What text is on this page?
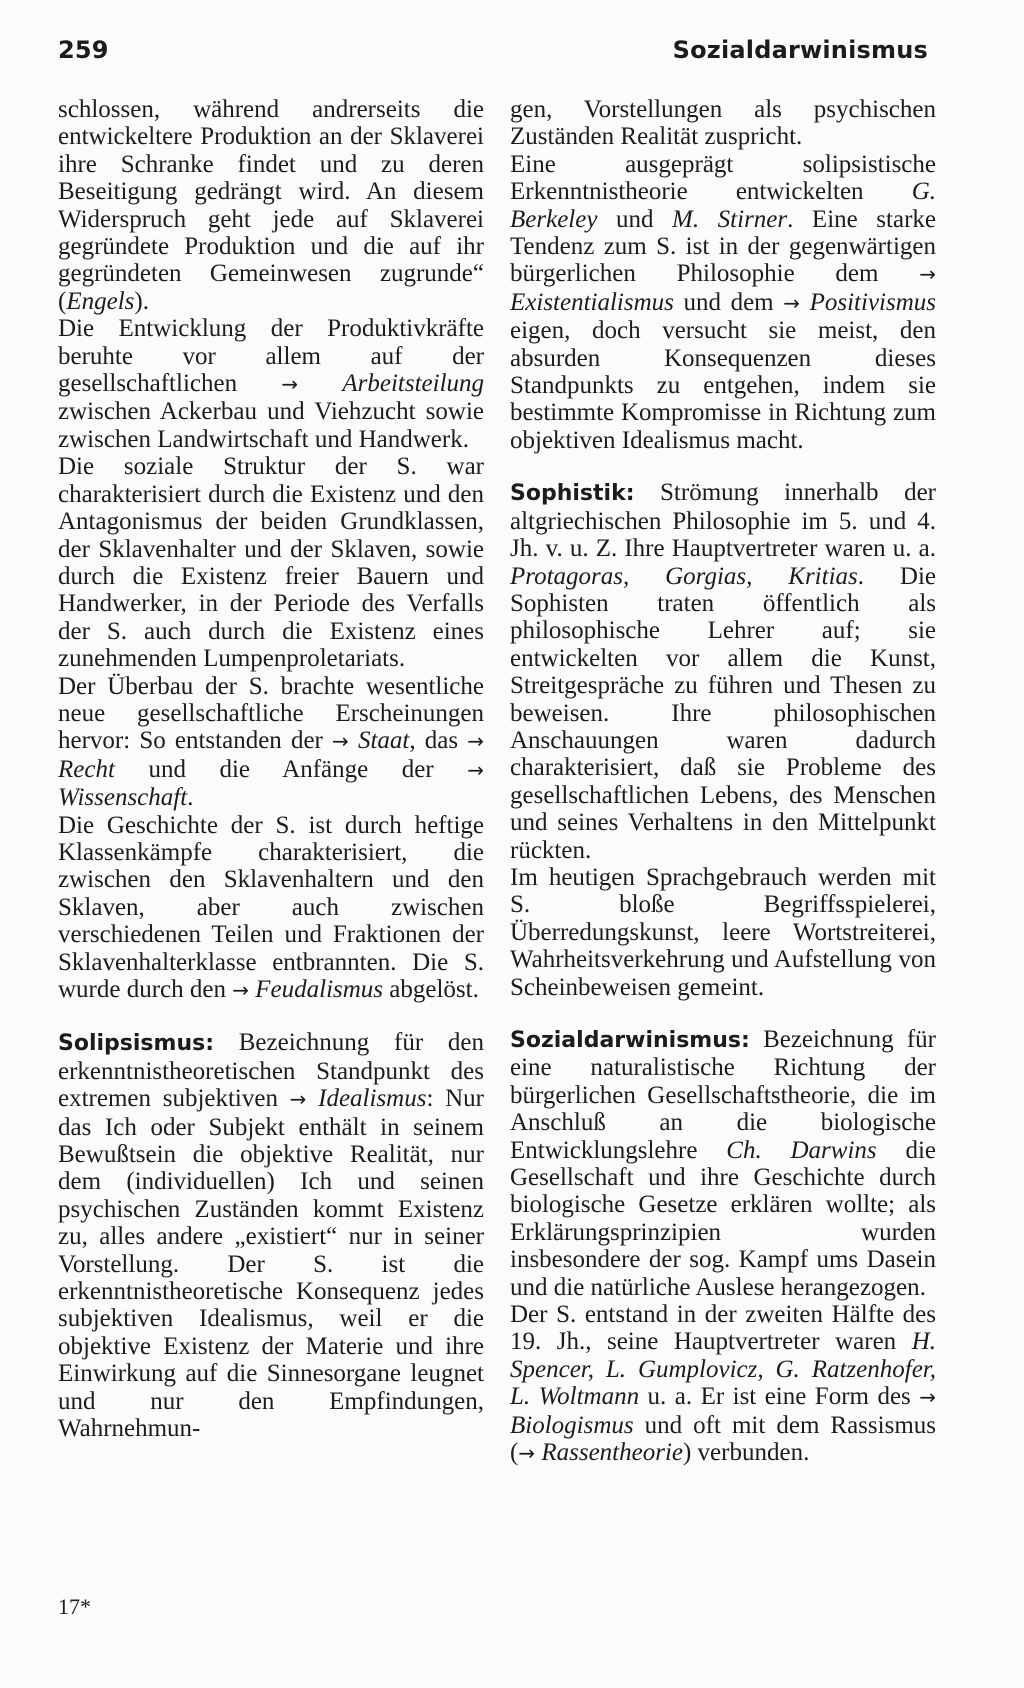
259	Sozialdarwinismus

schlossen, während andrerseits die entwickeltere Produktion an der Sklaverei ihre Schranke findet und zu deren Beseitigung gedrängt wird. An diesem Widerspruch geht jede auf Sklaverei gegründete Produktion und die auf ihr gegründeten Gemeinwesen zugrunde“ (Engels).

Die Entwicklung der Produktivkräfte beruhte vor allem auf der gesellschaftlichen → Arbeitsteilung zwischen Ackerbau und Viehzucht sowie zwischen Landwirtschaft und Handwerk.

Die soziale Struktur der S. war charakterisiert durch die Existenz und den Antagonismus der beiden Grundklassen, der Sklavenhalter und der Sklaven, sowie durch die Existenz freier Bauern und Handwerker, in der Periode des Verfalls der S. auch durch die Existenz eines zunehmenden Lumpenproletariats.

Der Überbau der S. brachte wesentliche neue gesellschaftliche Erscheinungen hervor: So entstanden der → Staat, das → Recht und die Anfänge der → Wissenschaft.

Die Geschichte der S. ist durch heftige Klassenkämpfe charakterisiert, die zwischen den Sklavenhaltern und den Sklaven, aber auch zwischen verschiedenen Teilen und Fraktionen der Sklavenhalterklasse entbrannten. Die S. wurde durch den → Feudalismus abgelöst.

Solipsismus: Bezeichnung für den erkenntnistheoretischen Standpunkt des extremen subjektiven → Idealismus: Nur das Ich oder Subjekt enthält in seinem Bewußtsein die objektive Realität, nur dem (individuellen) Ich und seinen psychischen Zuständen kommt Existenz zu, alles andere „existiert“ nur in seiner Vorstellung. Der S. ist die erkenntnistheoretische Konsequenz jedes subjektiven Idealismus, weil er die objektive Existenz der Materie und ihre Einwirkung auf die Sinnesorgane leugnet und nur den Empfindungen, Wahrnehmun-

gen, Vorstellungen als psychischen Zuständen Realität zuspricht.

Eine ausgeprägt solipsistische Erkenntnistheorie entwickelten G. Berkeley und M. Stirner. Eine starke Tendenz zum S. ist in der gegenwärtigen bürgerlichen Philosophie dem → Existentialismus und dem → Positivismus eigen, doch versucht sie meist, den absurden Konsequenzen dieses Standpunkts zu entgehen, indem sie bestimmte Kompromisse in Richtung zum objektiven Idealismus macht.

Sophistik: Strömung innerhalb der altgriechischen Philosophie im 5. und 4. Jh. v. u. Z. Ihre Hauptvertreter waren u. a. Protagoras, Gorgias, Kritias. Die Sophisten traten öffentlich als philosophische Lehrer auf; sie entwickelten vor allem die Kunst, Streitgespräche zu führen und Thesen zu beweisen. Ihre philosophischen Anschauungen waren dadurch charakterisiert, daß sie Probleme des gesellschaftlichen Lebens, des Menschen und seines Verhaltens in den Mittelpunkt rückten.

Im heutigen Sprachgebrauch werden mit S. bloße Begriffsspielerei, Überredungskunst, leere Wortstreiterei, Wahrheitsverkehrung und Aufstellung von Scheinbeweisen gemeint.

Sozialdarwinismus: Bezeichnung für eine naturalistische Richtung der bürgerlichen Gesellschaftstheorie, die im Anschluß an die biologische Entwicklungslehre Ch. Darwins die Gesellschaft und ihre Geschichte durch biologische Gesetze erklären wollte; als Erklärungsprinzipien wurden insbesondere der sog. Kampf ums Dasein und die natürliche Auslese herangezogen.

Der S. entstand in der zweiten Hälfte des 19. Jh., seine Hauptvertreter waren H. Spencer, L. Gumplovicz, G. Ratzenhofer, L. Woltmann u. a. Er ist eine Form des → Biologismus und oft mit dem Rassismus (→ Rassentheorie) verbunden.

17*
